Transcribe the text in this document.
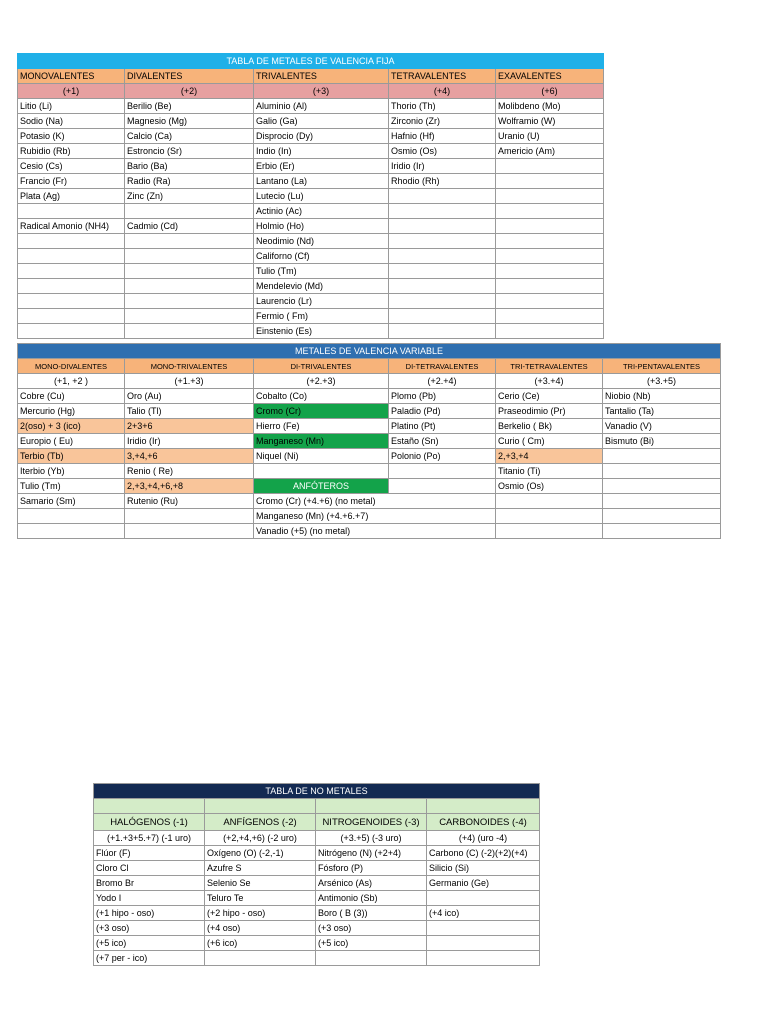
TABLA DE METALES DE VALENCIA FIJA				
MONOVALENTES	DIVALENTES	TRIVALENTES	TETRAVALENTES	EXAVALENTES
(+1)	(+2)	(+3)	(+4)	(+6)
Litio (Li)	Berilio (Be)	Aluminio (Al)	Thorio (Th)	Molibdeno (Mo)
Sodio (Na)	Magnesio (Mg)	Galio (Ga)	Zirconio (Zr)	Wolframio (W)
Potasio (K)	Calcio (Ca)	Disprocio (Dy)	Hafnio (Hf)	Uranio (U)
Rubidio (Rb)	Estroncio (Sr)	Indio (In)	Osmio (Os)	Americio (Am)
Cesio (Cs)	Bario (Ba)	Erbio (Er)	Iridio (Ir)	
Francio (Fr)	Radio (Ra)	Lantano (La)	Rhodio (Rh)	
Plata (Ag)	Zinc (Zn)	Lutecio (Lu)		
		Actinio (Ac)		
Radical Amonio (NH4)	Cadmio (Cd)	Holmio (Ho)		
		Neodimio (Nd)		
		Californo (Cf)		
		Tulio (Tm)		
		Mendelevio (Md)		
		Laurencio (Lr)		
		Fermio ( Fm)		
		Einstenio (Es)		
METALES DE VALENCIA VARIABLE					
MONO-DIVALENTES	MONO-TRIVALENTES	DI-TRIVALENTES	DI-TETRAVALENTES	TRI-TETRAVALENTES	TRI-PENTAVALENTES
(+1, +2 )	(+1.+3)	(+2.+3)	(+2.+4)	(+3.+4)	(+3.+5)
Cobre (Cu)	Oro (Au)	Cobalto (Co)	Plomo (Pb)	Cerio (Ce)	Niobio (Nb)
Mercurio (Hg)	Talio (Tl)	Cromo (Cr)	Paladio (Pd)	Praseodimio (Pr)	Tantalio (Ta)
2(oso) + 3 (ico)	2+3+6	Hierro (Fe)	Platino (Pt)	Berkelio ( Bk)	Vanadio (V)
Europio ( Eu)	Iridio (Ir)	Manganeso (Mn)	Estaño (Sn)	Curio ( Cm)	Bismuto (Bi)
Terbio (Tb)	3,+4,+6	Niquel (Ni)	Polonio (Po)	2,+3,+4	
Iterbio (Yb)	Renio ( Re)			Titanio (Ti)	
Tulio (Tm)	2,+3,+4,+6,+8	ANFÓTEROS		Osmio (Os)	
Samario (Sm)	Rutenio (Ru)	Cromo (Cr) (+4.+6) (no metal)			
		Manganeso (Mn) (+4.+6.+7)			
		Vanadio (+5) (no metal)			
TABLA DE NO METALES			

HALÓGENOS (-1)	ANFÍGENOS (-2)	NITROGENOIDES (-3)	CARBONOIDES (-4)
(+1.+3+5.+7) (-1 uro)	(+2,+4,+6) (-2 uro)	(+3.+5) (-3 uro)	(+4) (uro -4)
Flúor (F)	Oxígeno (O) (-2,-1)	Nitrógeno (N) (+2+4)	Carbono (C) (-2)(+2)(+4)
Cloro Cl	Azufre S	Fósforo (P)	Silicio (Si)
Bromo Br	Selenio Se	Arsénico (As)	Germanio (Ge)
Yodo I	Teluro Te	Antimonio (Sb)	
(+1 hipo - oso)	(+2 hipo - oso)	Boro ( B (3))	(+4 ico)
(+3 oso)	(+4 oso)	(+3 oso)	
(+5 ico)	(+6 ico)	(+5 ico)	
(+7 per - ico)			
